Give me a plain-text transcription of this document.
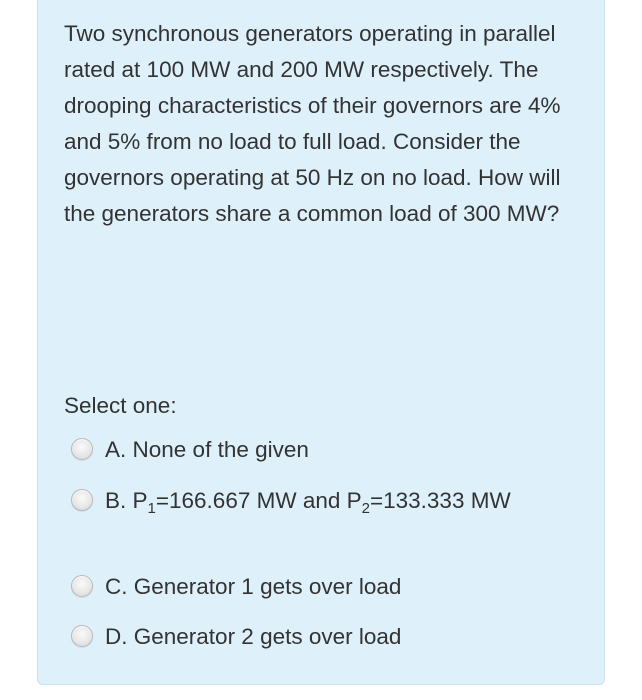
Two synchronous generators operating in parallel rated at 100 MW and 200 MW respectively. The drooping characteristics of their governors are 4% and 5% from no load to full load. Consider the governors operating at 50 Hz on no load. How will the generators share a common load of 300 MW?

Select one:
A. None of the given
B. $P_1=166.667$ MW and $P_2=133.333$ MW
C. Generator 1 gets over load
D. Generator 2 gets over load
